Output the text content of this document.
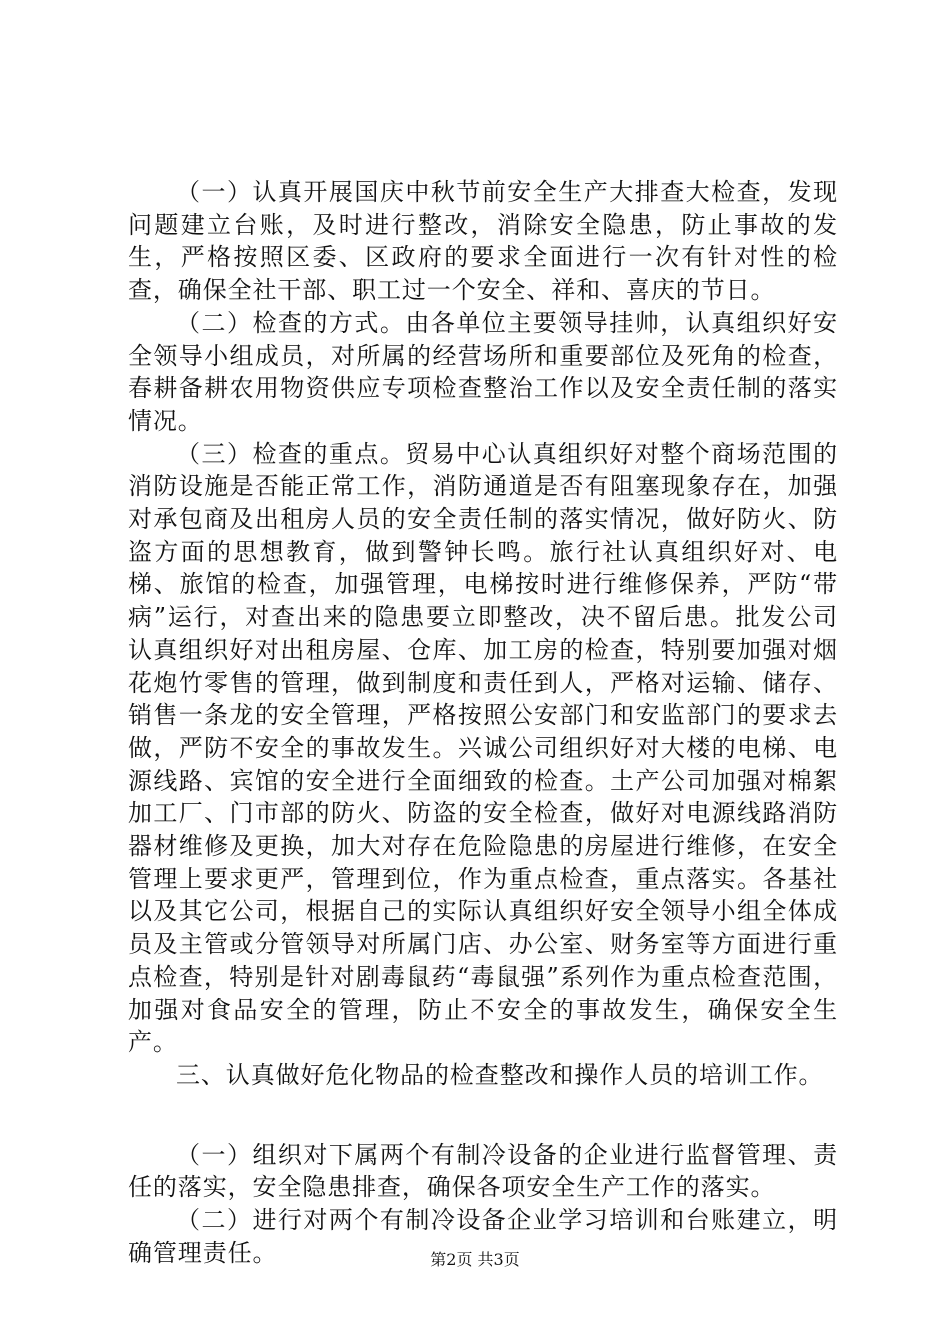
（一）认真开展国庆中秋节前安全生产大排查大检查，发现问题建立台账，及时进行整改，消除安全隐患，防止事故的发生，严格按照区委、区政府的要求全面进行一次有针对性的检查，确保全社干部、职工过一个安全、祥和、喜庆的节日。

（二）检查的方式。由各单位主要领导挂帅，认真组织好安全领导小组成员，对所属的经营场所和重要部位及死角的检查，春耕备耕农用物资供应专项检查整治工作以及安全责任制的落实情况。

（三）检查的重点。贸易中心认真组织好对整个商场范围的消防设施是否能正常工作，消防通道是否有阻塞现象存在，加强对承包商及出租房人员的安全责任制的落实情况，做好防火、防盗方面的思想教育，做到警钟长鸣。旅行社认真组织好对、电梯、旅馆的检查，加强管理，电梯按时进行维修保养，严防“带病”运行，对查出来的隐患要立即整改，决不留后患。批发公司认真组织好对出租房屋、仓库、加工房的检查，特别要加强对烟花炮竹零售的管理，做到制度和责任到人，严格对运输、储存、销售一条龙的安全管理，严格按照公安部门和安监部门的要求去做，严防不安全的事故发生。兴诚公司组织好对大楼的电梯、电源线路、宾馆的安全进行全面细致的检查。土产公司加强对棉絮加工厂、门市部的防火、防盗的安全检查，做好对电源线路消防器材维修及更换，加大对存在危险隐患的房屋进行维修，在安全管理上要求更严，管理到位，作为重点检查，重点落实。各基社以及其它公司，根据自己的实际认真组织好安全领导小组全体成员及主管或分管领导对所属门店、办公室、财务室等方面进行重点检查，特别是针对剧毒鼠药“毒鼠强”系列作为重点检查范围，加强对食品安全的管理，防止不安全的事故发生，确保安全生产。

三、认真做好危化物品的检查整改和操作人员的培训工作。

（一）组织对下属两个有制冷设备的企业进行监督管理、责任的落实，安全隐患排查，确保各项安全生产工作的落实。

（二）进行对两个有制冷设备企业学习培训和台账建立，明确管理责任。	第2页 共3页
